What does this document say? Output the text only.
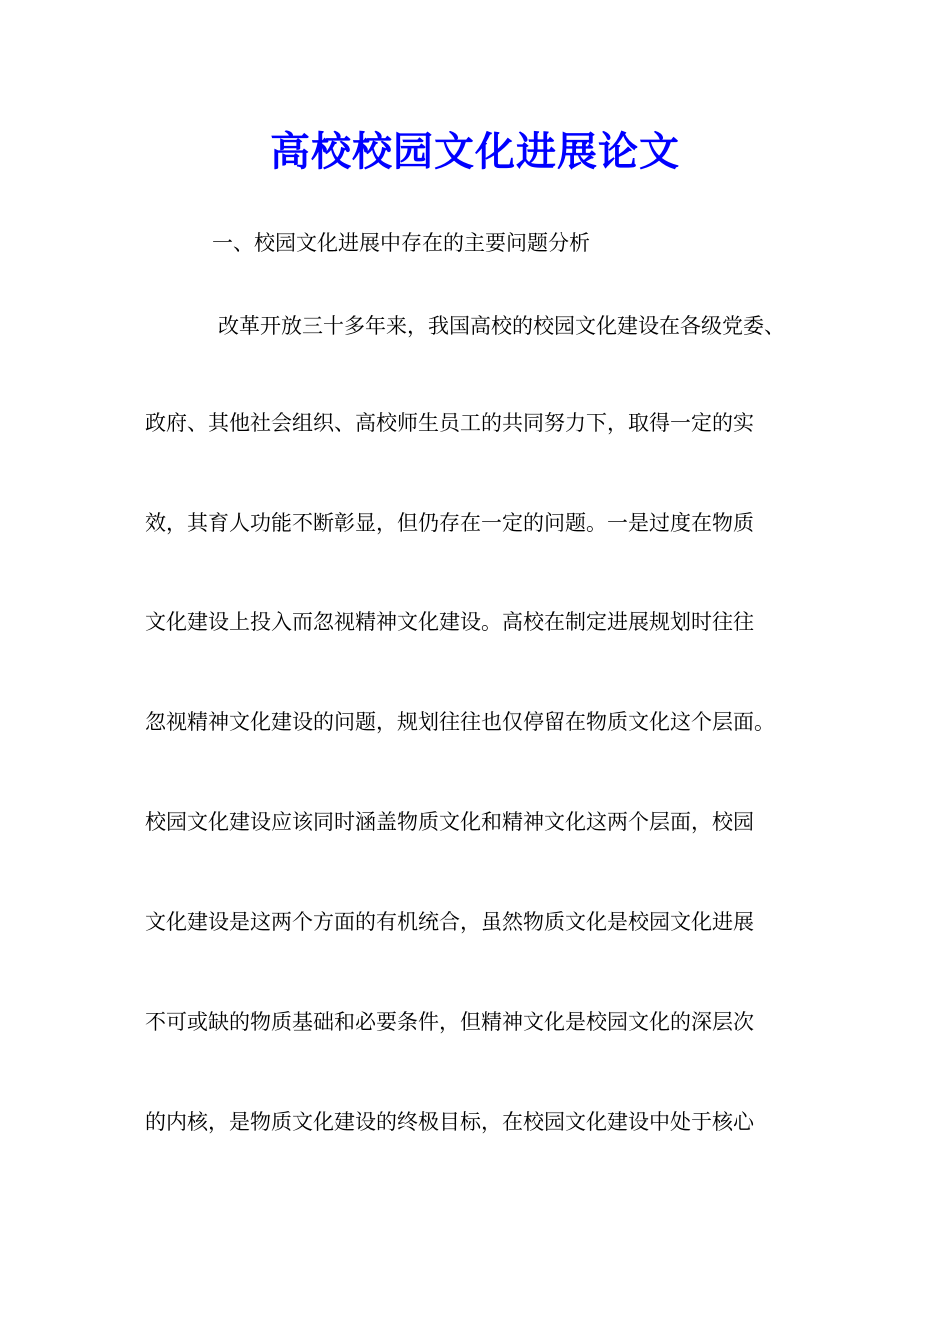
高校校园文化进展论文
一、校园文化进展中存在的主要问题分析
改革开放三十多年来，我国高校的校园文化建设在各级党委、
政府、其他社会组织、高校师生员工的共同努力下，取得一定的实
效，其育人功能不断彰显，但仍存在一定的问题。一是过度在物质
文化建设上投入而忽视精神文化建设。高校在制定进展规划时往往
忽视精神文化建设的问题，规划往往也仅停留在物质文化这个层面。
校园文化建设应该同时涵盖物质文化和精神文化这两个层面，校园
文化建设是这两个方面的有机统合，虽然物质文化是校园文化进展
不可或缺的物质基础和必要条件，但精神文化是校园文化的深层次
的内核，是物质文化建设的终极目标，在校园文化建设中处于核心
